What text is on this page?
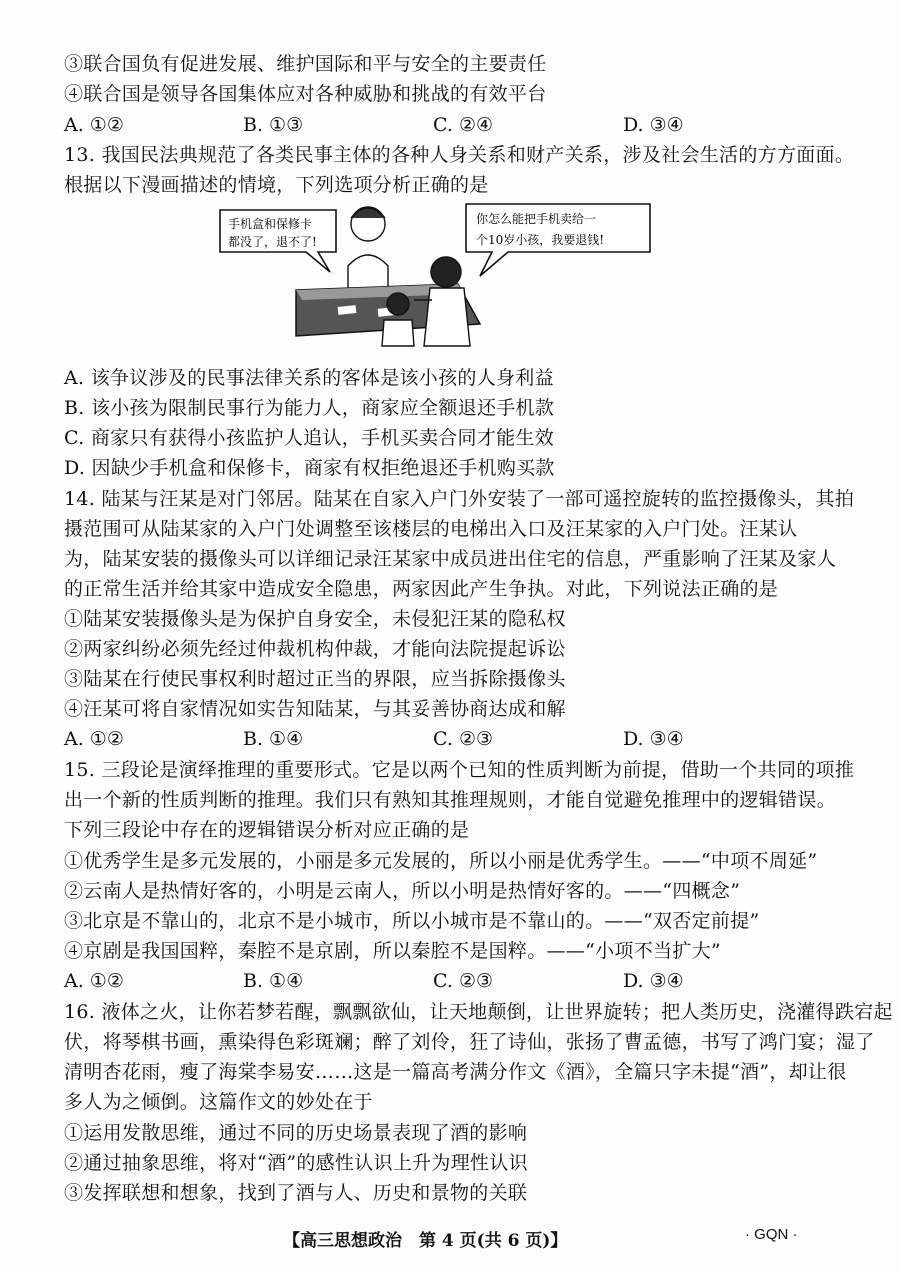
③联合国负有促进发展、维护国际和平与安全的主要责任
④联合国是领导各国集体应对各种威胁和挑战的有效平台
13. 我国民法典规范了各类民事主体的各种人身关系和财产关系，涉及社会生活的方方面面。
根据以下漫画描述的情境，下列选项分析正确的是
A. 该争议涉及的民事法律关系的客体是该小孩的人身利益
B. 该小孩为限制民事行为能力人，商家应全额退还手机款
C. 商家只有获得小孩监护人追认，手机买卖合同才能生效
D. 因缺少手机盒和保修卡，商家有权拒绝退还手机购买款
14. 陆某与汪某是对门邻居。陆某在自家入户门外安装了一部可遥控旋转的监控摄像头，其拍
摄范围可从陆某家的入户门处调整至该楼层的电梯出入口及汪某家的入户门处。汪某认
为，陆某安装的摄像头可以详细记录汪某家中成员进出住宅的信息，严重影响了汪某及家人
的正常生活并给其家中造成安全隐患，两家因此产生争执。对此，下列说法正确的是
①陆某安装摄像头是为保护自身安全，未侵犯汪某的隐私权
②两家纠纷必须先经过仲裁机构仲裁，才能向法院提起诉讼
③陆某在行使民事权利时超过正当的界限，应当拆除摄像头
④汪某可将自家情况如实告知陆某，与其妥善协商达成和解
15. 三段论是演绎推理的重要形式。它是以两个已知的性质判断为前提，借助一个共同的项推
出一个新的性质判断的推理。我们只有熟知其推理规则，才能自觉避免推理中的逻辑错误。
下列三段论中存在的逻辑错误分析对应正确的是
①优秀学生是多元发展的，小丽是多元发展的，所以小丽是优秀学生。——“中项不周延”
②云南人是热情好客的，小明是云南人，所以小明是热情好客的。——“四概念”
③北京是不靠山的，北京不是小城市，所以小城市是不靠山的。——“双否定前提”
④京剧是我国国粹，秦腔不是京剧，所以秦腔不是国粹。——“小项不当扩大”
16. 液体之火，让你若梦若醒，飘飘欲仙，让天地颠倒，让世界旋转；把人类历史，浇灌得跌宕起
伏，将琴棋书画，熏染得色彩斑斓；醉了刘伶，狂了诗仙，张扬了曹孟德，书写了鸿门宴；湿了
清明杏花雨，瘦了海棠李易安……这是一篇高考满分作文《酒》，全篇只字未提“酒”，却让很
多人为之倾倒。这篇作文的妙处在于
①运用发散思维，通过不同的历史场景表现了酒的影响
②通过抽象思维，将对“酒”的感性认识上升为理性认识
③发挥联想和想象，找到了酒与人、历史和景物的关联
A. ①②	B. ①③	C. ②④	D. ③④
A. ①②	B. ①④	C. ②③	D. ③④
A. ①②	B. ①④	C. ②③	D. ③④
手机盒和保修卡
都没了，退不了!
你怎么能把手机卖给一
个10岁小孩，我要退钱!
【高三思想政治　第 4 页(共 6 页)】	· GQN ·
